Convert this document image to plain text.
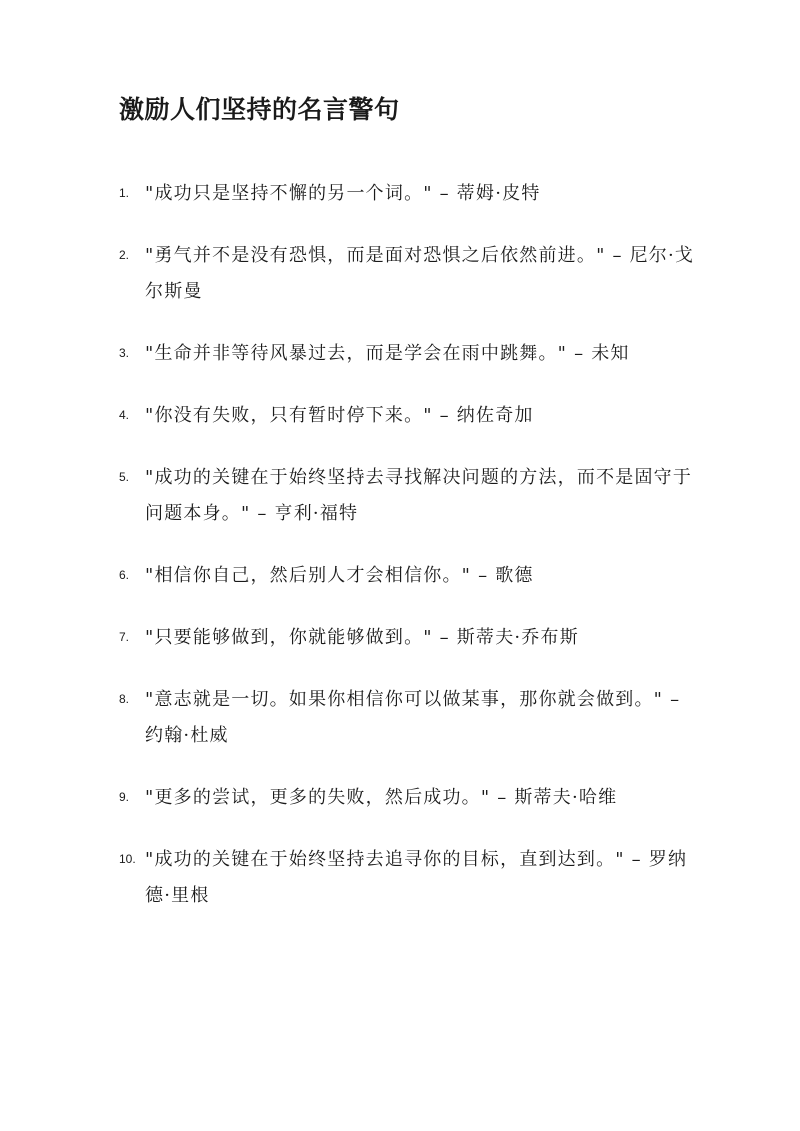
激励人们坚持的名言警句
1. "成功只是坚持不懈的另一个词。" – 蒂姆·皮特
2. "勇气并不是没有恐惧，而是面对恐惧之后依然前进。" – 尼尔·戈尔斯曼
3. "生命并非等待风暴过去，而是学会在雨中跳舞。" – 未知
4. "你没有失败，只有暂时停下来。" – 纳佐奇加
5. "成功的关键在于始终坚持去寻找解决问题的方法，而不是固守于问题本身。" – 亨利·福特
6. "相信你自己，然后别人才会相信你。" – 歌德
7. "只要能够做到，你就能够做到。" – 斯蒂夫·乔布斯
8. "意志就是一切。如果你相信你可以做某事，那你就会做到。" – 约翰·杜威
9. "更多的尝试，更多的失败，然后成功。" – 斯蒂夫·哈维
10. "成功的关键在于始终坚持去追寻你的目标，直到达到。" – 罗纳德·里根
